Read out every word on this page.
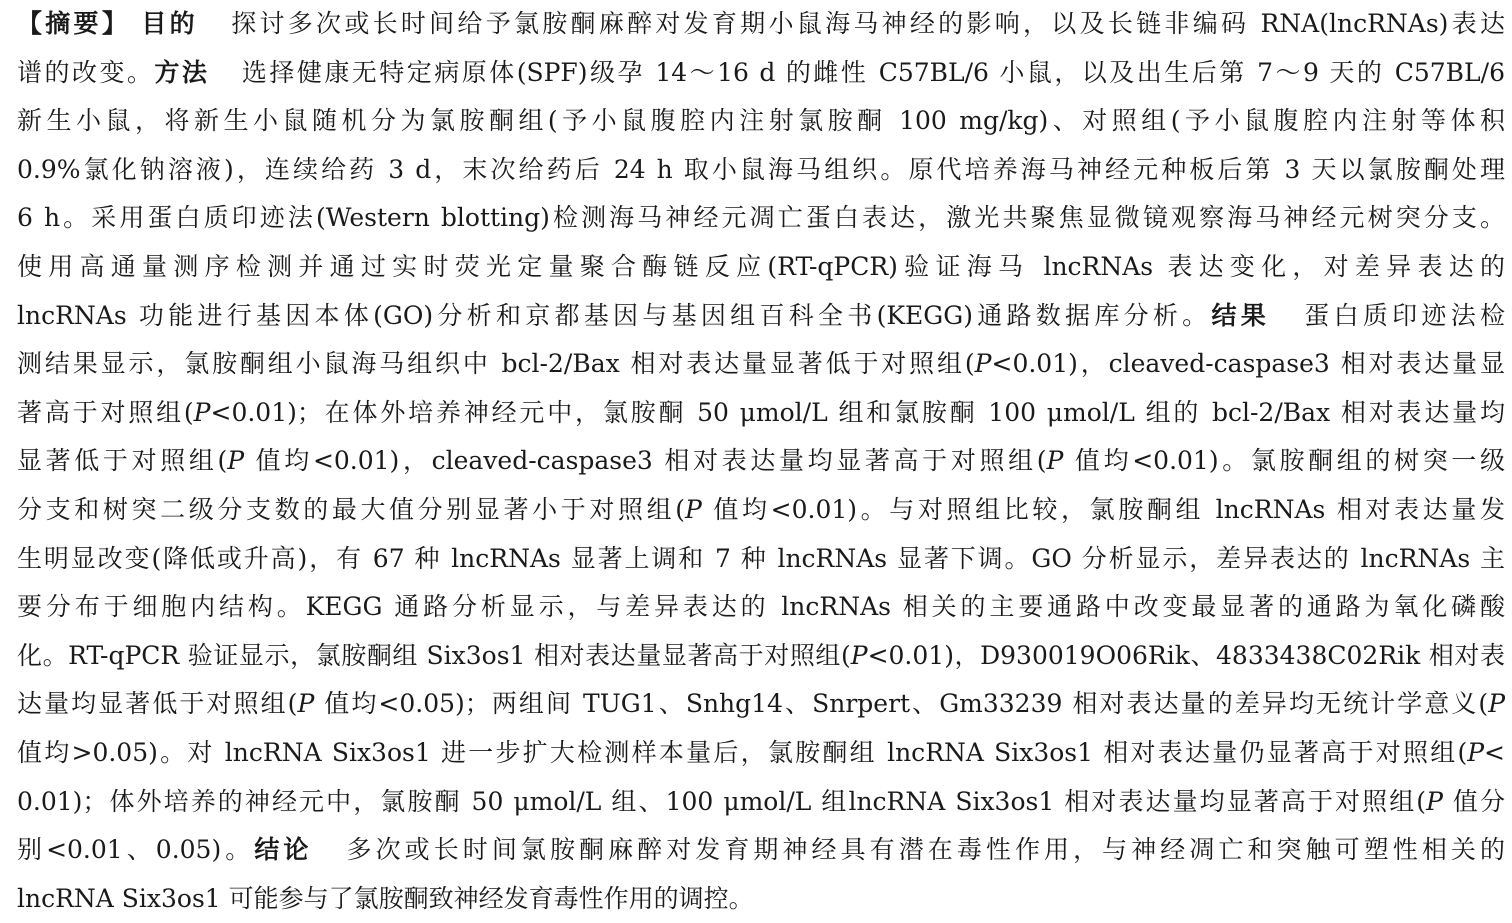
【摘要】 目的 探讨多次或长时间给予氯胺酮麻醉对发育期小鼠海马神经的影响，以及长链非编码 RNA(lncRNAs)表达
谱的改变。方法 选择健康无特定病原体(SPF)级孕 14～16 d 的雌性 C57BL/6 小鼠，以及出生后第 7～9 天的 C57BL/6
新生小鼠，将新生小鼠随机分为氯胺酮组(予小鼠腹腔内注射氯胺酮 100 mg/kg)、对照组(予小鼠腹腔内注射等体积
0.9%氯化钠溶液)，连续给药 3 d，末次给药后 24 h 取小鼠海马组织。原代培养海马神经元种板后第 3 天以氯胺酮处理
6 h。采用蛋白质印迹法(Western blotting)检测海马神经元凋亡蛋白表达，激光共聚焦显微镜观察海马神经元树突分支。
使用高通量测序检测并通过实时荧光定量聚合酶链反应(RT-qPCR)验证海马 lncRNAs 表达变化，对差异表达的
lncRNAs 功能进行基因本体(GO)分析和京都基因与基因组百科全书(KEGG)通路数据库分析。结果 蛋白质印迹法检
测结果显示，氯胺酮组小鼠海马组织中 bcl-2/Bax 相对表达量显著低于对照组(P<0.01)，cleaved-caspase3 相对表达量显
著高于对照组(P<0.01)；在体外培养神经元中，氯胺酮 50 μmol/L 组和氯胺酮 100 μmol/L 组的 bcl-2/Bax 相对表达量均
显著低于对照组(P 值均<0.01)，cleaved-caspase3 相对表达量均显著高于对照组(P 值均<0.01)。氯胺酮组的树突一级
分支和树突二级分支数的最大值分别显著小于对照组(P 值均<0.01)。与对照组比较，氯胺酮组 lncRNAs 相对表达量发
生明显改变(降低或升高)，有 67 种 lncRNAs 显著上调和 7 种 lncRNAs 显著下调。GO 分析显示，差异表达的 lncRNAs 主
要分布于细胞内结构。KEGG 通路分析显示，与差异表达的 lncRNAs 相关的主要通路中改变最显著的通路为氧化磷酸
化。RT-qPCR 验证显示，氯胺酮组 Six3os1 相对表达量显著高于对照组(P<0.01)，D930019O06Rik、4833438C02Rik 相对表
达量均显著低于对照组(P 值均<0.05)；两组间 TUG1、Snhg14、Snrpert、Gm33239 相对表达量的差异均无统计学意义(P
值均>0.05)。对 lncRNA Six3os1 进一步扩大检测样本量后，氯胺酮组 lncRNA Six3os1 相对表达量仍显著高于对照组(P<
0.01)；体外培养的神经元中，氯胺酮 50 μmol/L 组、100 μmol/L 组lncRNA Six3os1 相对表达量均显著高于对照组(P 值分
别<0.01、0.05)。结论 多次或长时间氯胺酮麻醉对发育期神经具有潜在毒性作用，与神经凋亡和突触可塑性相关的
lncRNA Six3os1 可能参与了氯胺酮致神经发育毒性作用的调控。
